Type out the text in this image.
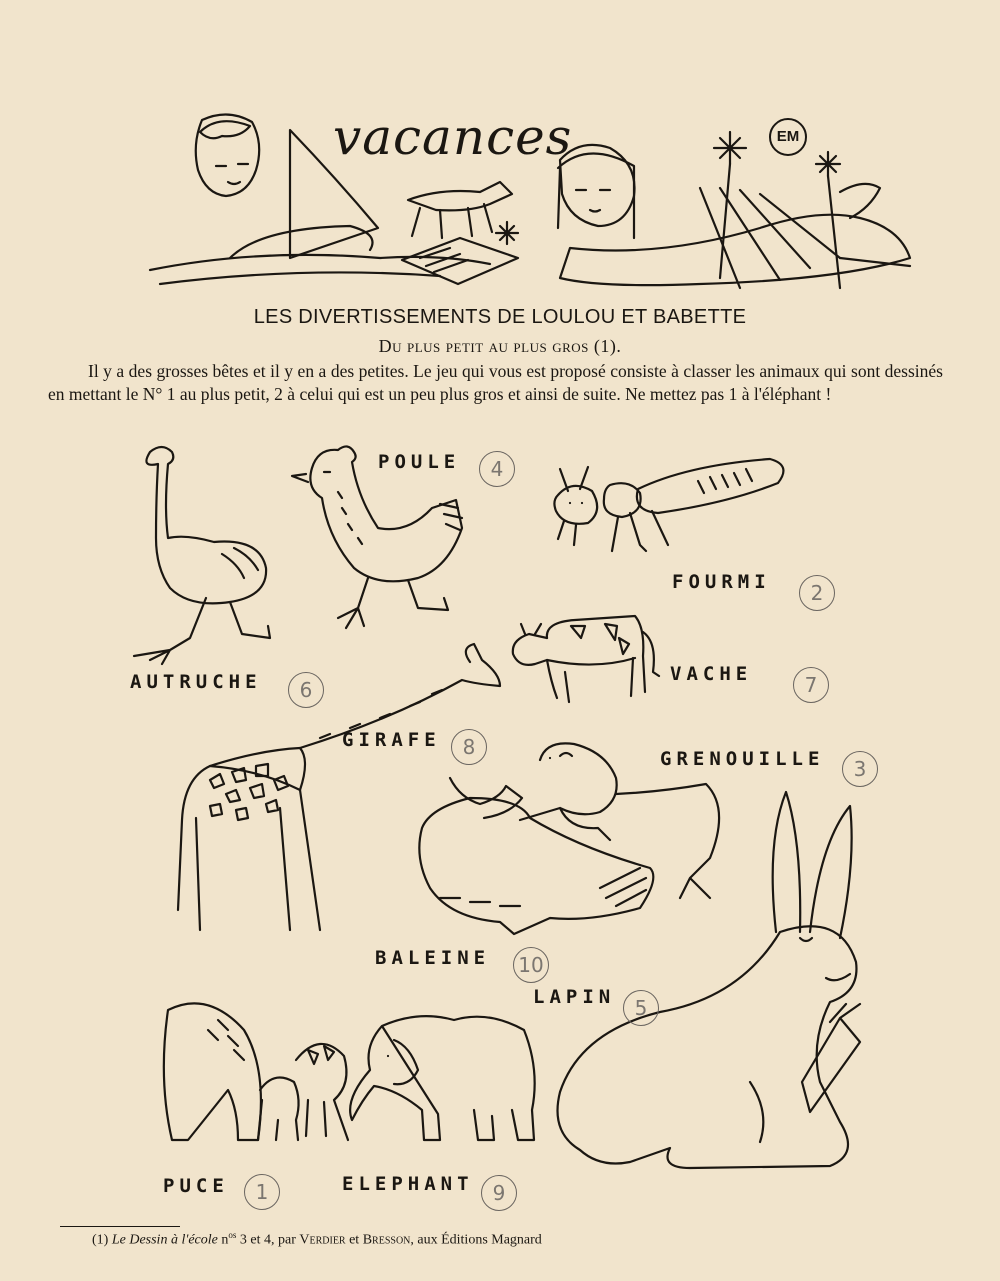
vacances	EM
LES DIVERTISSEMENTS DE LOULOU ET BABETTE
Du plus petit au plus gros (1).
Il y a des grosses bêtes et il y en a des petites. Le jeu qui vous est proposé consiste à classer les animaux qui sont dessinés en mettant le N° 1 au plus petit, 2 à celui qui est un peu plus gros et ainsi de suite. Ne mettez pas 1 à l'éléphant !
POULE	4
FOURMI	2
AUTRUCHE	6
VACHE	7
GIRAFE	8	GRENOUILLE	3
BALEINE 10
LAPIN 5
PUCE	1	ELEPHANT 9
(1) Le Dessin à l'école $n^{os}$ 3 et 4, par Verdier et Bresson, aux Éditions Magnard
